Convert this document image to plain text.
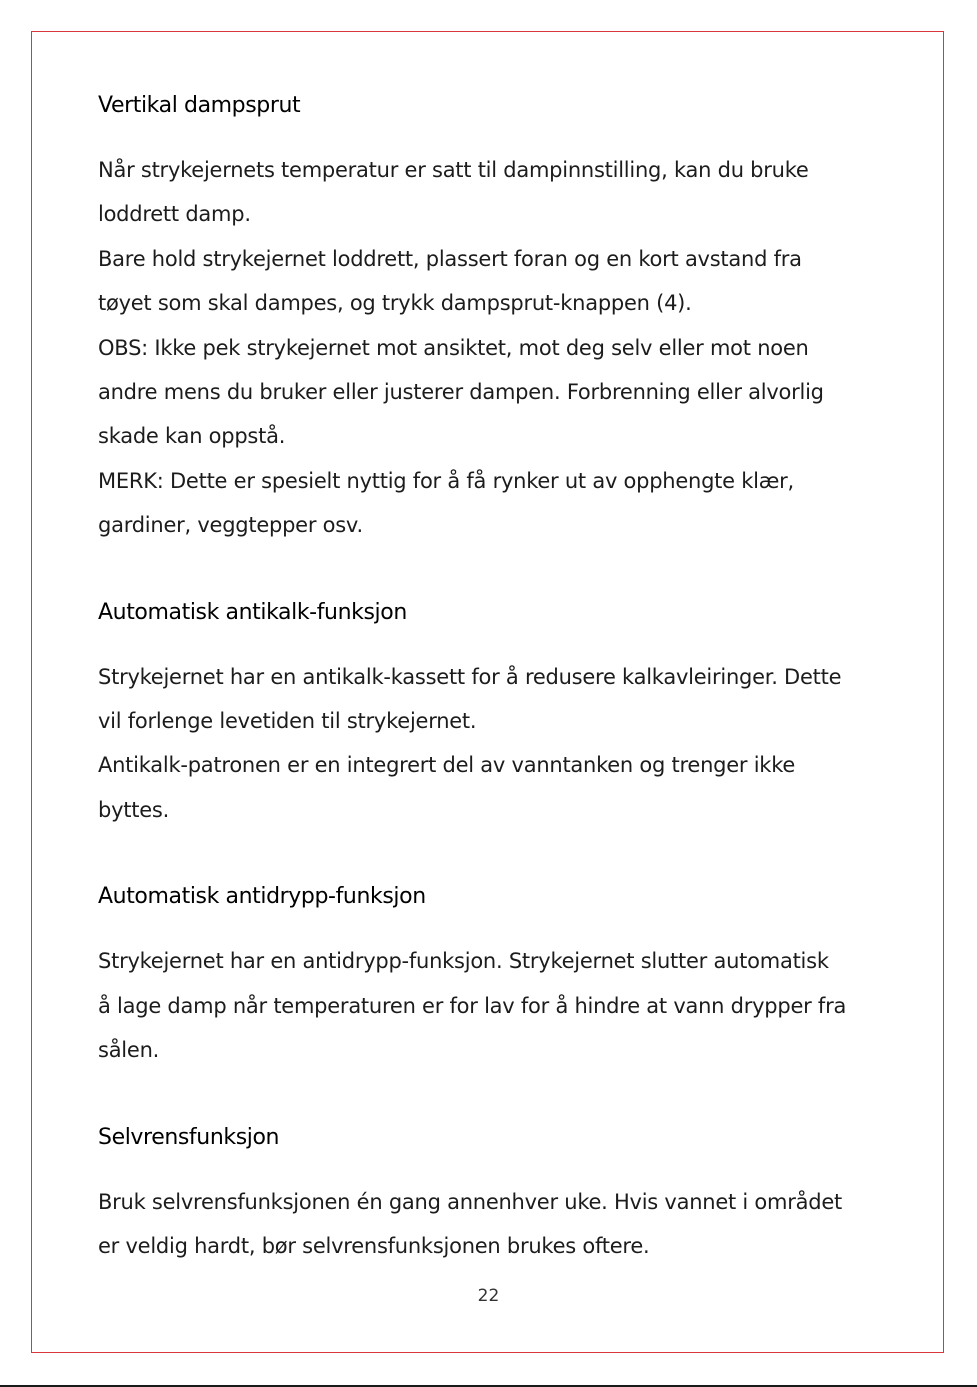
Vertikal dampsprut

Når strykejernets temperatur er satt til dampinnstilling, kan du bruke

loddrett damp.

Bare hold strykejernet loddrett, plassert foran og en kort avstand fra

tøyet som skal dampes, og trykk dampsprut-knappen (4).

OBS: Ikke pek strykejernet mot ansiktet, mot deg selv eller mot noen

andre mens du bruker eller justerer dampen. Forbrenning eller alvorlig

skade kan oppstå.

MERK: Dette er spesielt nyttig for å få rynker ut av opphengte klær,

gardiner, veggtepper osv.

Automatisk antikalk-funksjon

Strykejernet har en antikalk-kassett for å redusere kalkavleiringer. Dette

vil forlenge levetiden til strykejernet.

Antikalk-patronen er en integrert del av vanntanken og trenger ikke

byttes.

Automatisk antidrypp-funksjon

Strykejernet har en antidrypp-funksjon. Strykejernet slutter automatisk

å lage damp når temperaturen er for lav for å hindre at vann drypper fra

sålen.

Selvrensfunksjon

Bruk selvrensfunksjonen én gang annenhver uke. Hvis vannet i området

er veldig hardt, bør selvrensfunksjonen brukes oftere.

22
